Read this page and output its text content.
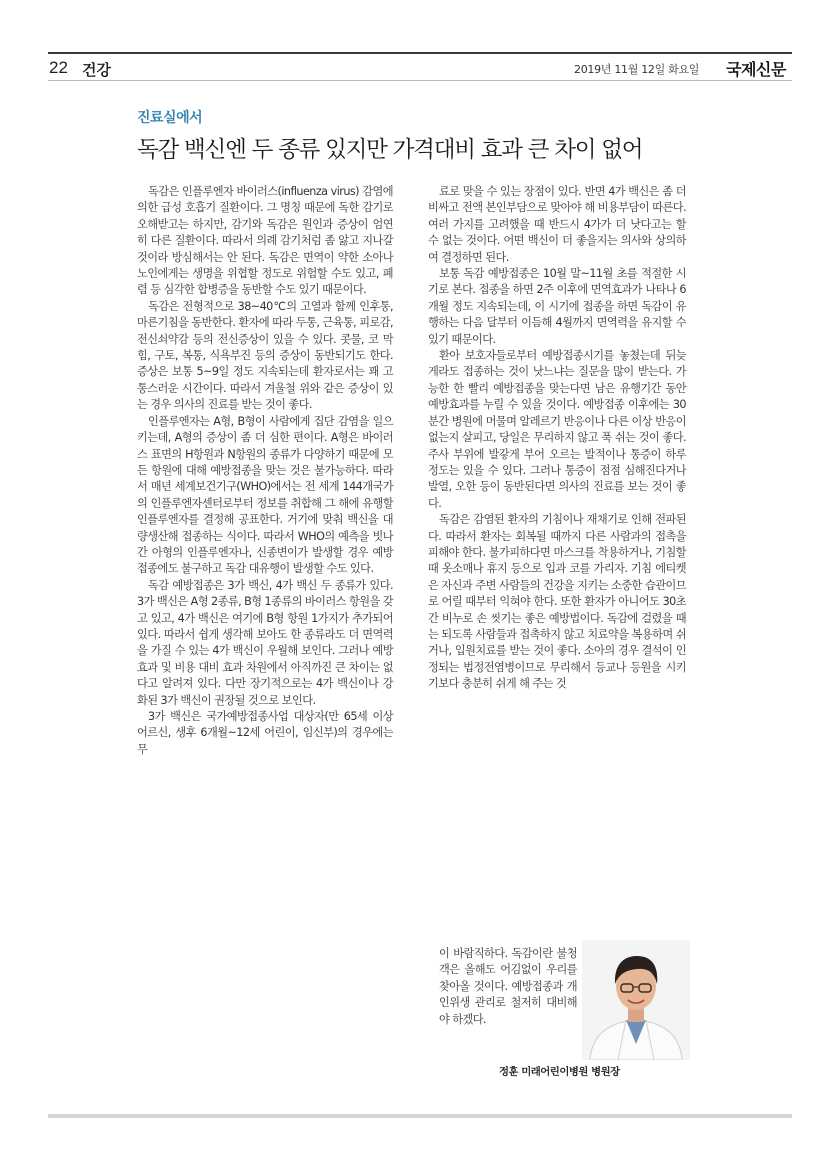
22 건강	2019년 11월 12일 화요일 국제신문
진료실에서
독감 백신엔 두 종류 있지만 가격대비 효과 큰 차이 없어

독감은 인플루엔자 바이러스(influenza virus) 감염에 의한 급성 호흡기 질환이다. 그 명칭 때문에 독한 감기로 오해받고는 하지만, 감기와 독감은 원인과 증상이 엄연히 다른 질환이다. 따라서 의례 감기처럼 좀 앓고 지나갈 것이라 방심해서는 안 된다. 독감은 면역이 약한 소아나 노인에게는 생명을 위협할 정도로 위험할 수도 있고, 폐렴 등 심각한 합병증을 동반할 수도 있기 때문이다.

독감은 전형적으로 38~40℃의 고열과 함께 인후통, 마른기침을 동반한다. 환자에 따라 두통, 근육통, 피로감, 전신쇠약감 등의 전신증상이 있을 수 있다. 콧물, 코 막힘, 구토, 복통, 식욕부진 등의 증상이 동반되기도 한다. 증상은 보통 5~9일 정도 지속되는데 환자로서는 꽤 고통스러운 시간이다. 따라서 겨울철 위와 같은 증상이 있는 경우 의사의 진료를 받는 것이 좋다.

인플루엔자는 A형, B형이 사람에게 집단 감염을 일으키는데, A형의 증상이 좀 더 심한 편이다. A형은 바이러스 표면의 H항원과 N항원의 종류가 다양하기 때문에 모든 항원에 대해 예방접종을 맞는 것은 불가능하다. 따라서 매년 세계보건기구(WHO)에서는 전 세계 144개국가의 인플루엔자센터로부터 정보를 취합해 그 해에 유행할 인플루엔자를 결정해 공표한다. 거기에 맞춰 백신을 대량생산해 접종하는 식이다. 따라서 WHO의 예측을 빗나간 아형의 인플루엔자나, 신종변이가 발생할 경우 예방접종에도 불구하고 독감 대유행이 발생할 수도 있다.

독감 예방접종은 3가 백신, 4가 백신 두 종류가 있다. 3가 백신은 A형 2종류, B형 1종류의 바이러스 항원을 갖고 있고, 4가 백신은 여기에 B형 항원 1가지가 추가되어 있다. 따라서 쉽게 생각해 보아도 한 종류라도 더 면역력을 가질 수 있는 4가 백신이 우월해 보인다. 그러나 예방효과 및 비용 대비 효과 차원에서 아직까진 큰 차이는 없다고 알려져 있다. 다만 장기적으로는 4가 백신이나 강화된 3가 백신이 권장될 것으로 보인다.

3가 백신은 국가예방접종사업 대상자(만 65세 이상 어르신, 생후 6개월~12세 어린이, 임신부)의 경우에는 무

료로 맞을 수 있는 장점이 있다. 반면 4가 백신은 좀 더 비싸고 전액 본인부담으로 맞아야 해 비용부담이 따른다. 여러 가지를 고려했을 때 반드시 4가가 더 낫다고는 할 수 없는 것이다. 어떤 백신이 더 좋을지는 의사와 상의하여 결정하면 된다.

보통 독감 예방접종은 10월 말~11월 초를 적절한 시기로 본다. 접종을 하면 2주 이후에 면역효과가 나타나 6개월 정도 지속되는데, 이 시기에 접종을 하면 독감이 유행하는 다음 달부터 이듬해 4월까지 면역력을 유지할 수 있기 때문이다.

환아 보호자들로부터 예방접종시기를 놓쳤는데 뒤늦게라도 접종하는 것이 낫느냐는 질문을 많이 받는다. 가능한 한 빨리 예방접종을 맞는다면 남은 유행기간 동안 예방효과를 누릴 수 있을 것이다. 예방접종 이후에는 30분간 병원에 머물며 알레르기 반응이나 다른 이상 반응이 없는지 살피고, 당일은 무리하지 않고 푹 쉬는 것이 좋다. 주사 부위에 발갛게 부어 오르는 발적이나 통증이 하루 정도는 있을 수 있다. 그러나 통증이 점점 심해진다거나 발열, 오한 등이 동반된다면 의사의 진료를 보는 것이 좋다.

독감은 감염된 환자의 기침이나 재채기로 인해 전파된다. 따라서 환자는 회복될 때까지 다른 사람과의 접촉을 피해야 한다. 불가피하다면 마스크를 착용하거나, 기침할 때 옷소매나 휴지 등으로 입과 코를 가리자. 기침 에티켓은 자신과 주변 사람들의 건강을 지키는 소중한 습관이므로 어릴 때부터 익혀야 한다. 또한 환자가 아니어도 30초간 비누로 손 씻기는 좋은 예방법이다. 독감에 걸렸을 때는 되도록 사람들과 접촉하지 않고 치료약을 복용하며 쉬거나, 입원치료를 받는 것이 좋다. 소아의 경우 결석이 인정되는 법정전염병이므로 무리해서 등교나 등원을 시키기보다 충분히 쉬게 해 주는 것

이 바람직하다. 독감이란 불청객은 올해도 어김없이 우리를 찾아올 것이다. 예방접종과 개인위생 관리로 철저히 대비해야 하겠다.

정훈 미래어린이병원 병원장
